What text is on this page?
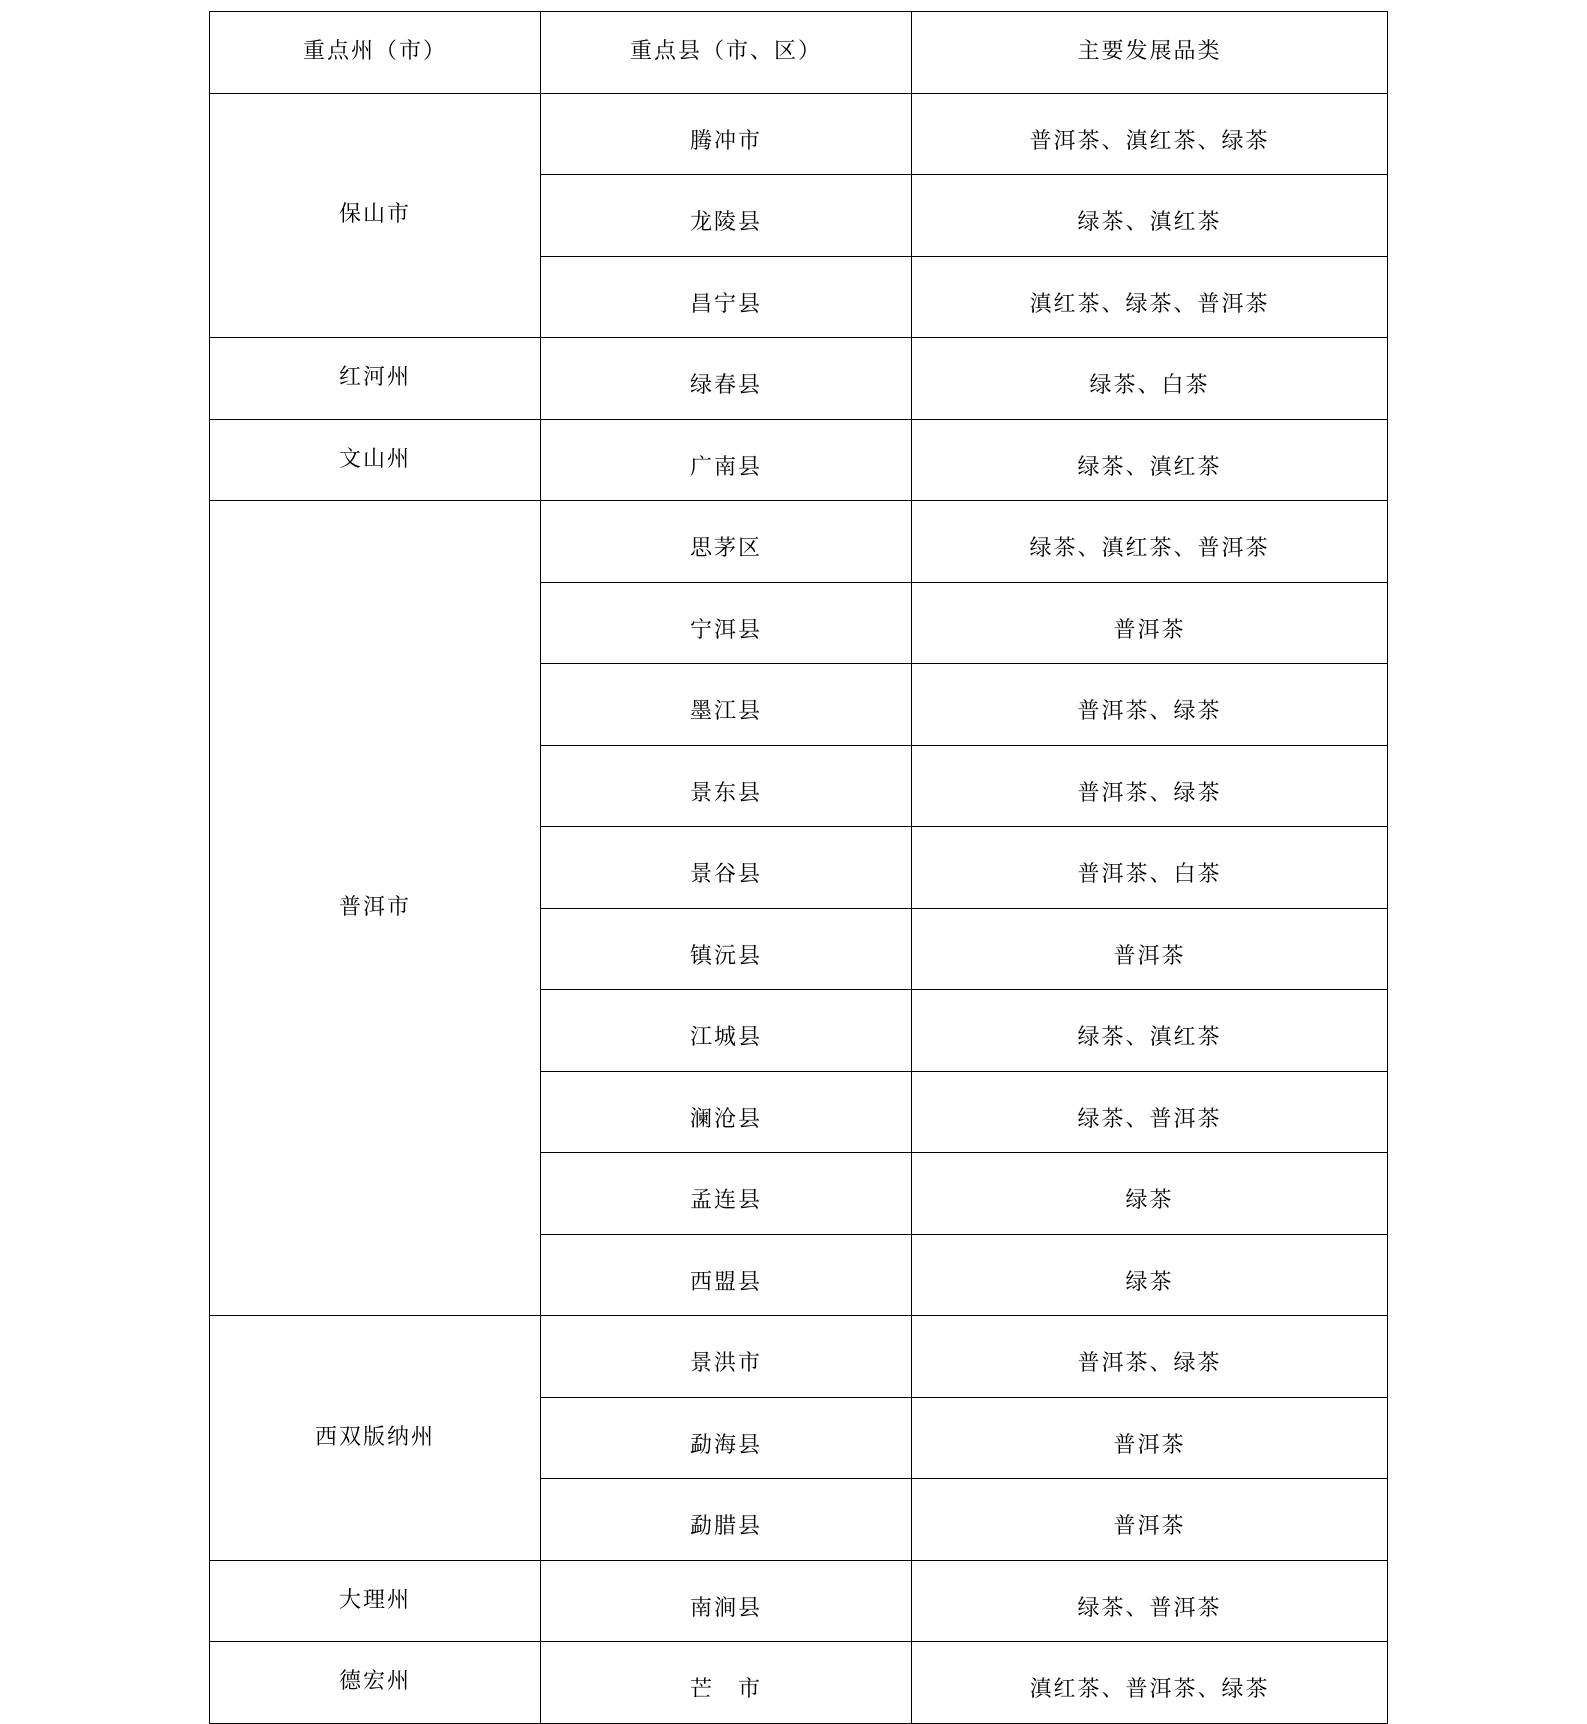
重点州（市）	重点县（市、区）	主要发展品类
保山市	腾冲市	普洱茶、滇红茶、绿茶
	龙陵县	绿茶、滇红茶
	昌宁县	滇红茶、绿茶、普洱茶
红河州	绿春县	绿茶、白茶
文山州	广南县	绿茶、滇红茶
普洱市	思茅区	绿茶、滇红茶、普洱茶
	宁洱县	普洱茶
	墨江县	普洱茶、绿茶
	景东县	普洱茶、绿茶
	景谷县	普洱茶、白茶
	镇沅县	普洱茶
	江城县	绿茶、滇红茶
	澜沧县	绿茶、普洱茶
	孟连县	绿茶
	西盟县	绿茶
西双版纳州	景洪市	普洱茶、绿茶
	勐海县	普洱茶
	勐腊县	普洱茶
大理州	南涧县	绿茶、普洱茶
德宏州	芒　市	滇红茶、普洱茶、绿茶
